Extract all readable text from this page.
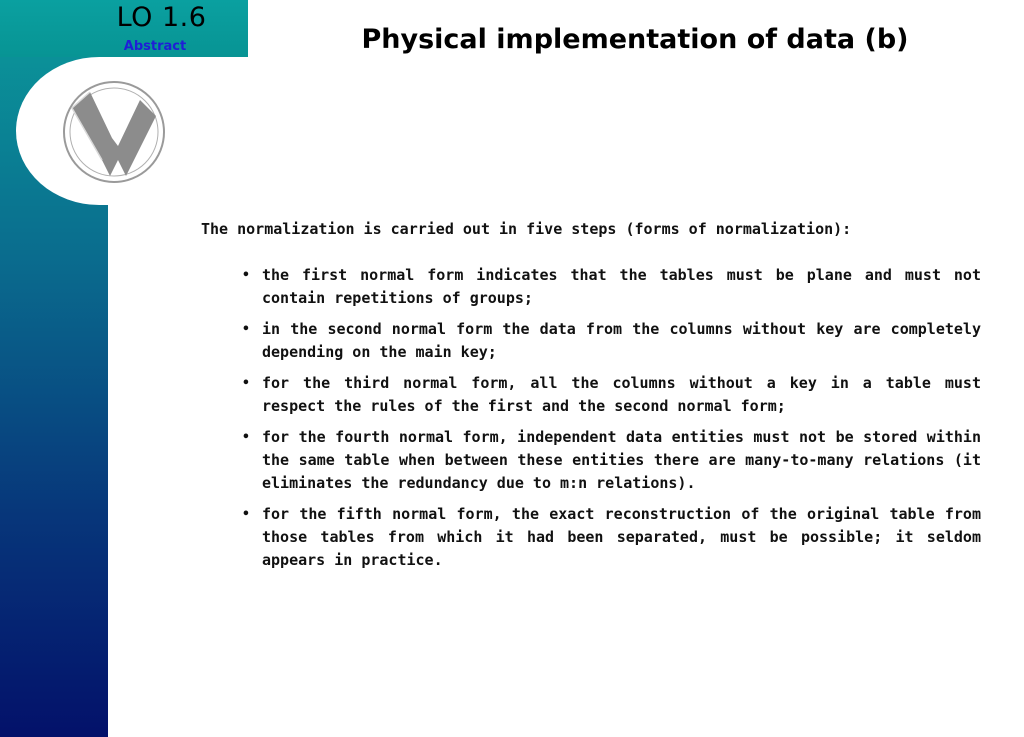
LO 1.6
Abstract	Physical implementation of data (b)
The normalization is carried out in five steps (forms of normalization):
• the first normal form indicates that the tables must be plane and must not contain repetitions of groups;
• in the second normal form the data from the columns without key are completely depending on the main key;
• for the third normal form, all the columns without a key in a table must respect the rules of the first and the second normal form;
• for the fourth normal form, independent data entities must not be stored within the same table when between these entities there are many-to-many relations (it eliminates the redundancy due to m:n relations).
• for the fifth normal form, the exact reconstruction of the original table from those tables from which it had been separated, must be possible; it seldom appears in practice.
